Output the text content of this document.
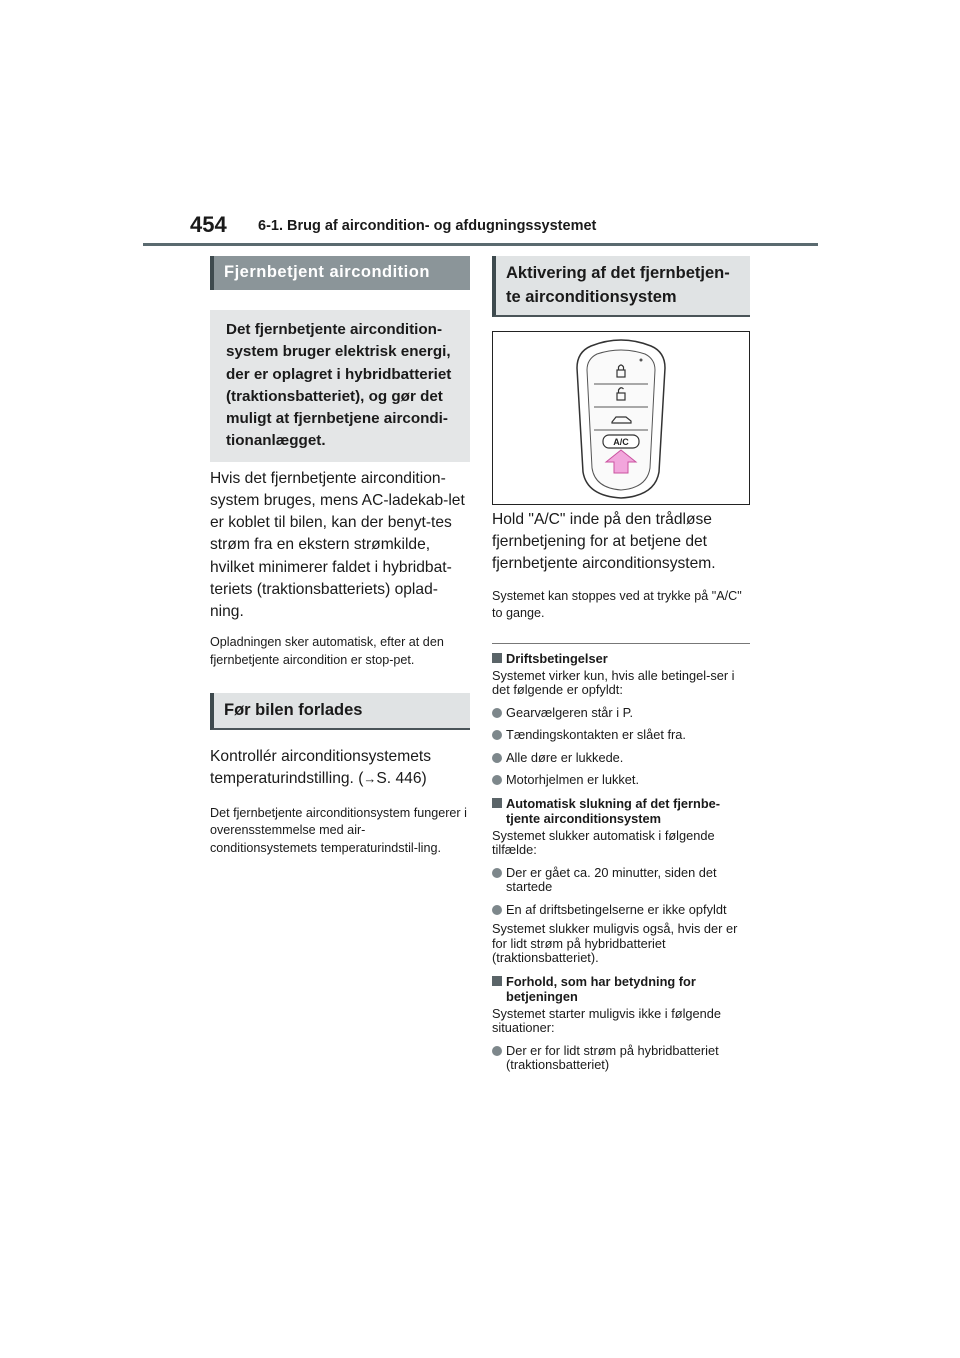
454 6-1. Brug af aircondition- og afdugningssystemet
Fjernbetjent aircondition
Det fjernbetjente aircondition-system bruger elektrisk energi, der er oplagret i hybridbatteriet (traktionsbatteriet), og gør det muligt at fjernbetjene aircondi-tionanlægget.
Hvis det fjernbetjente aircondition-system bruges, mens AC-ladekab-let er koblet til bilen, kan der benyt-tes strøm fra en ekstern strømkilde, hvilket minimerer faldet i hybridbat-teriets (traktionsbatteriets) oplad-ning.
Opladningen sker automatisk, efter at den fjernbetjente aircondition er stop-pet.
Før bilen forlades
Kontrollér airconditionsystemets temperaturindstilling. (→S. 446)
Det fjernbetjente airconditionsystem fungerer i overensstemmelse med air-conditionsystemets temperaturindstil-ling.
Aktivering af det fjernbetjen-te airconditionsystem
A/C
Hold "A/C" inde på den trådløse fjernbetjening for at betjene det fjernbetjente airconditionsystem.
Systemet kan stoppes ved at trykke på "A/C" to gange.
Driftsbetingelser
Systemet virker kun, hvis alle betingel-ser i det følgende er opfyldt:
Gearvælgeren står i P.
Tændingskontakten er slået fra.
Alle døre er lukkede.
Motorhjelmen er lukket.
Automatisk slukning af det fjernbe-tjente airconditionsystem
Systemet slukker automatisk i følgende tilfælde:
Der er gået ca. 20 minutter, siden det startede
En af driftsbetingelserne er ikke opfyldt
Systemet slukker muligvis også, hvis der er for lidt strøm på hybridbatteriet (traktionsbatteriet).
Forhold, som har betydning for betjeningen
Systemet starter muligvis ikke i følgende situationer:
Der er for lidt strøm på hybridbatteriet (traktionsbatteriet)
